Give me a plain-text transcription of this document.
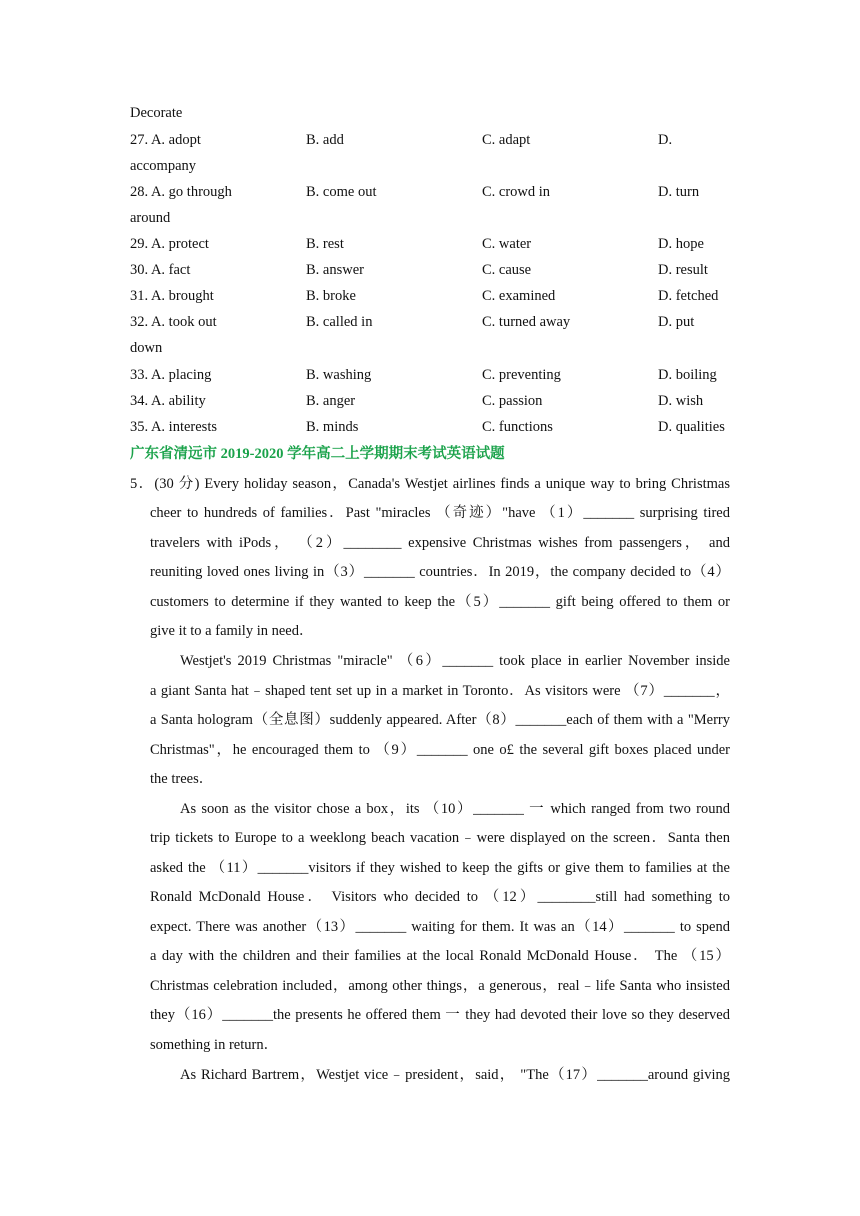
Decorate
27. A. adopt	B. add	C. adapt	D.
accompany
28. A. go through	B. come out	C. crowd in	D. turn
around
29. A. protect	B. rest	C. water	D. hope
30. A. fact	B. answer	C. cause	D. result
31. A. brought	B. broke	C. examined	D. fetched
32. A. took out	B. called in	C. turned away	D. put
down
33. A. placing	B. washing	C. preventing	D. boiling
34. A. ability	B. anger	C. passion	D. wish
35. A. interests	B. minds	C. functions	D. qualities
广东省清远市 2019-2020 学年高二上学期期末考试英语试题
5．(30 分) Every holiday season，Canada's Westjet airlines finds a unique way to bring Christmas
cheer to hundreds of families．Past "miracles （奇迹）"have （1）_______ surprising tired
travelers with iPods， （2）________ expensive Christmas wishes from passengers， and
reuniting loved ones living in（3）_______ countries．In 2019，the company decided to（4）
customers to determine if they wanted to keep the（5）_______ gift being offered to them or
give it to a family in need．
Westjet's 2019 Christmas "miracle" （6）_______ took place in earlier November inside
a giant Santa hat﹣shaped tent set up in a market in Toronto．As visitors were （7）_______，
a Santa hologram（全息图）suddenly appeared. After（8）_______each of them with a "Merry
Christmas"，he encouraged them to （9）_______ one o£ the several gift boxes placed under
the trees．
As soon as the visitor chose a box，its （10）_______ 一 which ranged from two round
trip tickets to Europe to a weeklong beach vacation﹣were displayed on the screen．Santa then
asked the （11）_______visitors if they wished to keep the gifts or give them to families at the
Ronald McDonald House． Visitors who decided to （12）________still had something to
expect. There was another（13）_______ waiting for them. It was an（14）_______ to spend
a day with the children and their families at the local Ronald McDonald House． The （15）
Christmas celebration included，among other things，a generous，real﹣life Santa who insisted
they（16）_______the presents he offered them 一 they had devoted their love so they deserved
something in return．
As Richard Bartrem，Westjet vice﹣president，said， "The（17）_______around giving
